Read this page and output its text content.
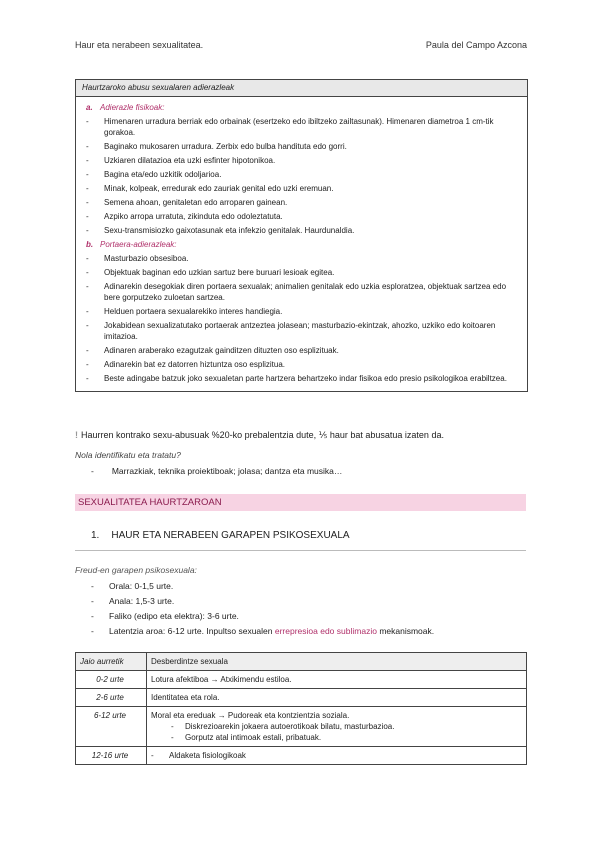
Haur eta nerabeen sexualitatea.	Paula del Campo Azcona
Haurtzaroko abusu sexualaren adierazleak
a. Adierazle fisikoak:
- Himenaren urradura berriak edo orbainak (esertzeko edo ibiltzeko zailtasunak). Himenaren diametroa 1 cm-tik gorakoa.
- Baginako mukosaren urradura. Zerbix edo bulba handituta edo gorri.
- Uzkiaren dilatazioa eta uzki esfinter hipotonikoa.
- Bagina eta/edo uzkitik odoljarioa.
- Minak, kolpeak, erredurak edo zauriak genital edo uzki eremuan.
- Semena ahoan, genitaletan edo arroparen gainean.
- Azpiko arropa urratuta, zikinduta edo odoleztatuta.
- Sexu-transmisiozko gaixotasunak eta infekzio genitalak. Haurdunaldia.
b. Portaera-adierazleak:
- Masturbazio obsesiboa.
- Objektuak baginan edo uzkian sartuz bere buruari lesioak egitea.
- Adinarekin desegokiak diren portaera sexualak; animalien genitalak edo uzkia esploratzea, objektuak sartzea edo bere gorputzeko zuloetan sartzea.
- Helduen portaera sexualarekiko interes handiegia.
- Jokabidean sexualizatutako portaerak antzeztea jolasean; masturbazio-ekintzak, ahozko, uzkiko edo koitoaren imitazioa.
- Adinaren araberako ezagutzak gainditzen dituzten oso esplizituak.
- Adinarekin bat ez datorren hiztuntza oso esplizitua.
- Beste adingabe batzuk joko sexualetan parte hartzera behartzeko indar fisikoa edo presio psikologikoa erabiltzea.
! Haurren kontrako sexu-abusuak %20-ko prebalentzia dute, ⅕ haur bat abusatua izaten da.
Nola identifikatu eta tratatu?
- Marrazkiak, teknika proiektiboak; jolasa; dantza eta musika…
SEXUALITATEA HAURTZAROAN
1. HAUR ETA NERABEEN GARAPEN PSIKOSEXUALA
Freud-en garapen psikosexuala:
- Orala: 0-1,5 urte.
- Anala: 1,5-3 urte.
- Faliko (edipo eta elektra): 3-6 urte.
- Latentzia aroa: 6-12 urte. Inpultso sexualen errepresioa edo sublimazio mekanismoak.
Jaio aurretik	Desberdintze sexuala
0-2 urte	Lotura afektiboa → Atxikimendu estiloa.
2-6 urte	Identitatea eta rola.
6-12 urte	Moral eta ereduak → Pudoreak eta kontzientzia soziala.
- Diskrezioarekin jokaera autoerotikoak bilatu, masturbazioa.
- Gorputz atal intimoak estali, pribatuak.

12-16 urte	- Aldaketa fisiologikoak
